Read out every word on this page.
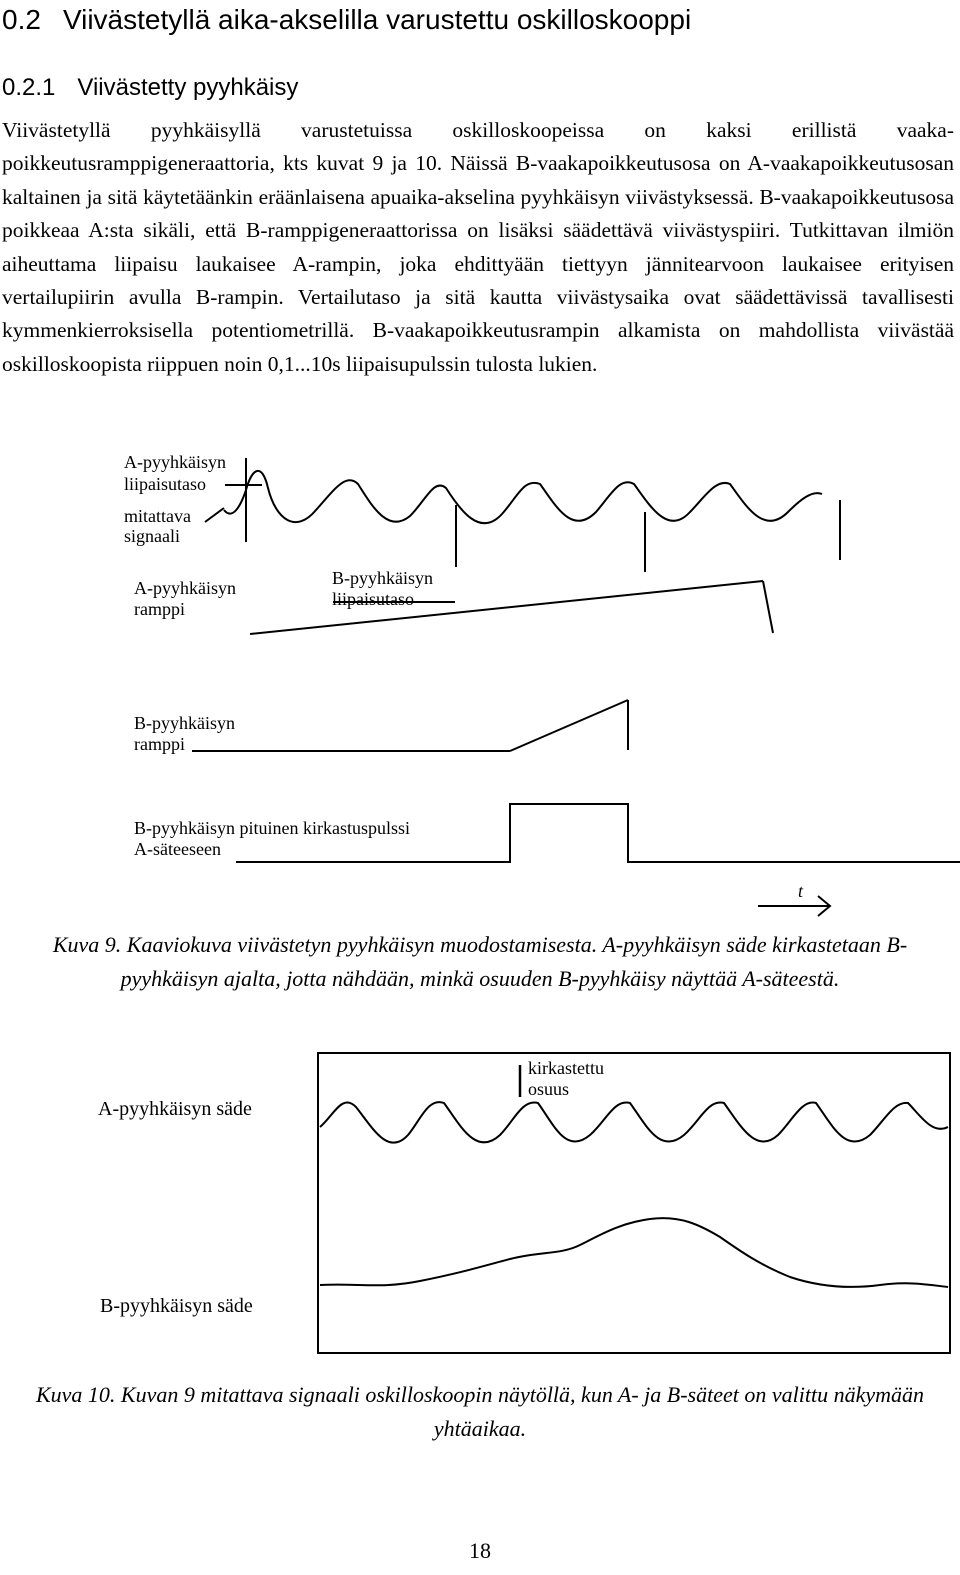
0.2 Viivästetyllä aika-akselilla varustettu oskilloskooppi
0.2.1 Viivästetty pyyhkäisy

Viivästetyllä pyyhkäisyllä varustetuissa oskilloskoopeissa on kaksi erillistä vaaka-poikkeutusramppigeneraattoria, kts kuvat 9 ja 10. Näissä B-vaakapoikkeutusosa on A-vaakapoikkeutusosan kaltainen ja sitä käytetäänkin eräänlaisena apuaika-akselina pyyhkäisyn viivästyksessä. B-vaakapoikkeutusosa poikkeaa A:sta sikäli, että B-ramppigeneraattorissa on lisäksi säädettävä viivästyspiiri. Tutkittavan ilmiön aiheuttama liipaisu laukaisee A-rampin, joka ehdittyään tiettyyn jännitearvoon laukaisee erityisen vertailupiirin avulla B-rampin. Vertailutaso ja sitä kautta viivästysaika ovat säädettävissä tavallisesti kymmenkierroksisella potentiometrillä. B-vaakapoikkeutusrampin alkamista on mahdollista viivästää oskilloskoopista riippuen noin 0,1...10s liipaisupulssin tulosta lukien.

A-pyyhkäisyn
liipaisutaso
mitattava
signaali
A-pyyhkäisyn
ramppi
B-pyyhkäisyn
liipaisutaso
B-pyyhkäisyn
ramppi
B-pyyhkäisyn pituinen kirkastuspulssi
A-säteeseen
t

Kuva 9. Kaaviokuva viivästetyn pyyhkäisyn muodostamisesta. A-pyyhkäisyn säde kirkastetaan B-pyyhkäisyn ajalta, jotta nähdään, minkä osuuden B-pyyhkäisy näyttää A-säteestä.

A-pyyhkäisyn säde
B-pyyhkäisyn säde
kirkastettu
osuus

Kuva 10. Kuvan 9 mitattava signaali oskilloskoopin näytöllä, kun A- ja B-säteet on valittu näkymään yhtäaikaa.

18
